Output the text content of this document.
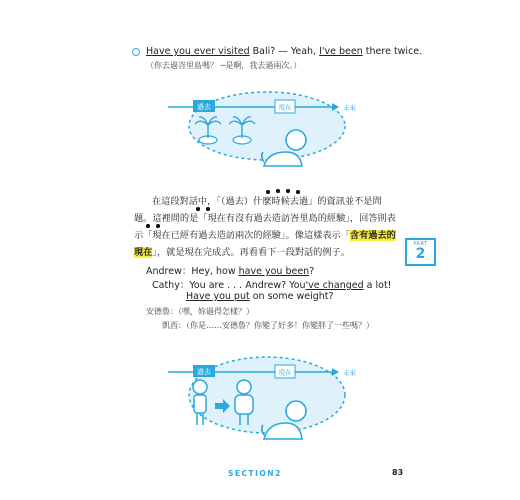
Have you ever visited Bali? — Yeah, I've been there twice.
（你去過峇里島嗎？ ─是啊，我去過兩次。）
過去	現在	未來
在這段對話中，「（過去）什麼時候去過」的資訊並不是問
題。這裡問的是「現在有沒有過去造訪峇里島的經驗」，回答則表
示「現在已經有過去造訪兩次的經驗」。像這樣表示「含有過去的
現在」，就是現在完成式。再看看下一段對話的例子。
PART
2
Andrew：Hey, how have you been?
Cathy：You are . . . Andrew? You've changed a lot!
Have you put on some weight?
安德魯：（嘿，妳過得怎樣？）
凱西：（你是……安德魯？你變了好多！你變胖了一些嗎？）
過去	現在	未來
SECTION2	83
